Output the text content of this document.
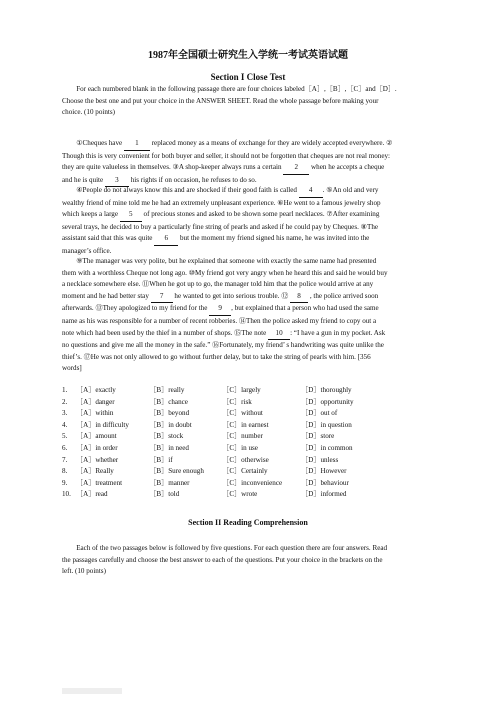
1987年全国硕士研究生入学统一考试英语试题
Section I Close Test
For each numbered blank in the following passage there are four choices labeled［A］,［B］,［C］and［D］.
Choose the best one and put your choice in the ANSWER SHEET. Read the whole passage before making your
choice. (10 points)
①Cheques have 1 replaced money as a means of exchange for they are widely accepted everywhere. ②
Though this is very convenient for both buyer and seller, it should not be forgotten that cheques are not real money:
they are quite valueless in themselves. ③A shop-keeper always runs a certain 2 when he accepts a cheque
and he is quite 3 his rights if on occasion, he refuses to do so.
④People do not always know this and are shocked if their good faith is called 4 . ⑤An old and very
wealthy friend of mine told me he had an extremely unpleasant experience. ⑥He went to a famous jewelry shop
which keeps a large 5 of precious stones and asked to be shown some pearl necklaces. ⑦After examining
several trays, he decided to buy a particularly fine string of pearls and asked if he could pay by Cheques. ⑧The
assistant said that this was quite 6 but the moment my friend signed his name, he was invited into the
manager’s office.
⑨The manager was very polite, but he explained that someone with exactly the same name had presented
them with a worthless Cheque not long ago. ⑩My friend got very angry when he heard this and said he would buy
a necklace somewhere else. ⑪When he got up to go, the manager told him that the police would arrive at any
moment and he had better stay 7 he wanted to get into serious trouble. ⑫ 8 , the police arrived soon
afterwards. ⑬They apologized to my friend for the 9 , but explained that a person who had used the same
name as his was responsible for a number of recent robberies. ⑭Then the police asked my friend to copy out a
note which had been used by the thief in a number of shops. ⑮The note 10 : “I have a gun in my pocket. Ask
no questions and give me all the money in the safe.” ⑯Fortunately, my friend’ s handwriting was quite unlike the
thief’s. ⑰He was not only allowed to go without further delay, but to take the string of pearls with him. [356
words]
1.	［A］	exactly	［B］	really	［C］	largely	［D］	thoroughly
2.	［A］	danger	［B］	chance	［C］	risk	［D］	opportunity
3.	［A］	within	［B］	beyond	［C］	without	［D］	out of
4.	［A］	in difficulty	［B］	in doubt	［C］	in earnest	［D］	in question
5.	［A］	amount	［B］	stock	［C］	number	［D］	store
6.	［A］	in order	［B］	in need	［C］	in use	［D］	in common
7.	［A］	whether	［B］	if	［C］	otherwise	［D］	unless
8.	［A］	Really	［B］	Sure enough	［C］	Certainly	［D］	However
9.	［A］	treatment	［B］	manner	［C］	inconvenience	［D］	behaviour
10.	［A］	read	［B］	told	［C］	wrote	［D］	informed
Section II Reading Comprehension
Each of the two passages below is followed by five questions. For each question there are four answers. Read
the passages carefully and choose the best answer to each of the questions. Put your choice in the brackets on the
left. (10 points)
